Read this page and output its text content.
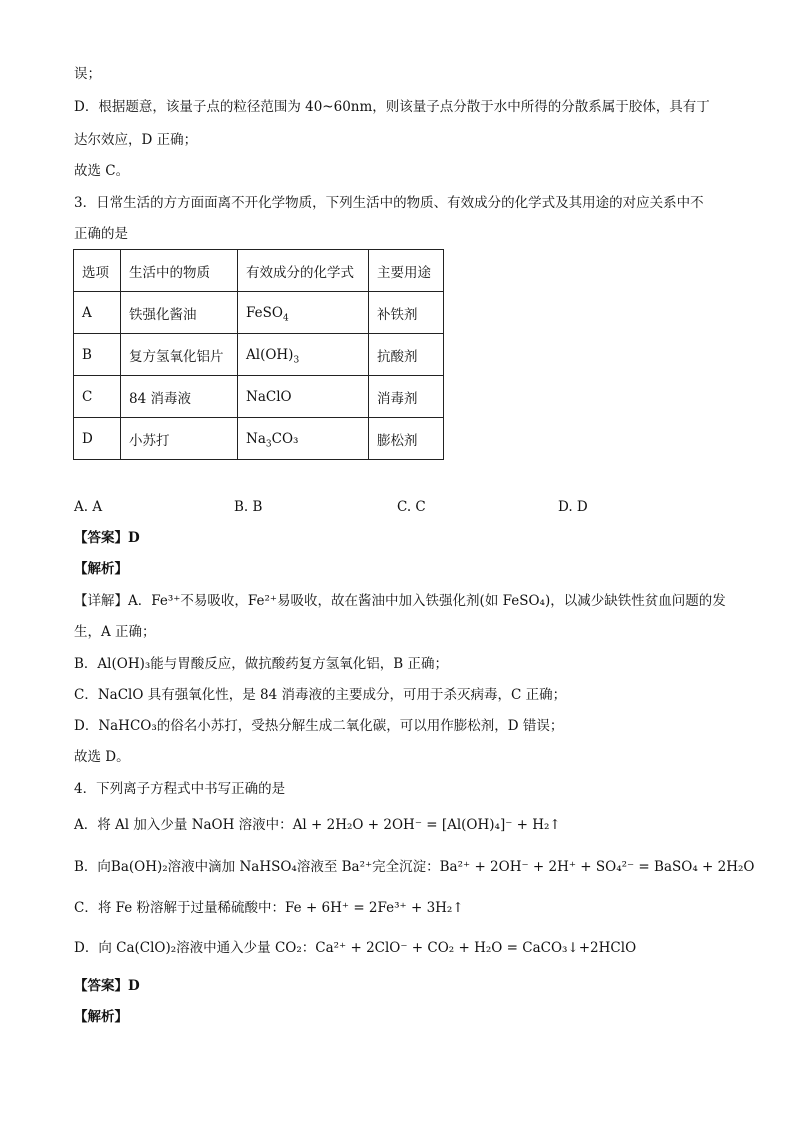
误；
D．根据题意，该量子点的粒径范围为 40~60nm，则该量子点分散于水中所得的分散系属于胶体，具有丁
达尔效应，D 正确；
故选 C。
3．日常生活的方方面面离不开化学物质，下列生活中的物质、有效成分的化学式及其用途的对应关系中不
正确的是
选项	生活中的物质	有效成分的化学式	主要用途
A	铁强化酱油	FeSO$_4$	补铁剂
B	复方氢氧化铝片	$Al(OH)_3$	抗酸剂
C	84 消毒液	NaClO	消毒剂
D	小苏打	$Na_3CO_3$	膨松剂
A. A	B. B	C. C	D. D
【答案】D
【解析】
【详解】A．Fe³⁺不易吸收，Fe²⁺易吸收，故在酱油中加入铁强化剂(如 FeSO₄)，以减少缺铁性贫血问题的发
生，A 正确；
B．Al(OH)₃能与胃酸反应，做抗酸药复方氢氧化铝，B 正确；
C．NaClO 具有强氧化性，是 84 消毒液的主要成分，可用于杀灭病毒，C 正确；
D．NaHCO₃的俗名小苏打，受热分解生成二氧化碳，可以用作膨松剂，D 错误；
故选 D。
4．下列离子方程式中书写正确的是
A．将 Al 加入少量 NaOH 溶液中：Al + 2H₂O + 2OH⁻ = [Al(OH)₄]⁻ + H₂↑
B．向Ba(OH)₂溶液中滴加 NaHSO₄溶液至 Ba²⁺完全沉淀：Ba²⁺ + 2OH⁻ + 2H⁺ + SO₄²⁻ = BaSO₄ + 2H₂O
C．将 Fe 粉溶解于过量稀硫酸中：Fe + 6H⁺ = 2Fe³⁺ + 3H₂↑
D．向 Ca(ClO)₂溶液中通入少量 CO₂：Ca²⁺ + 2ClO⁻ + CO₂ + H₂O = CaCO₃↓+2HClO
【答案】D
【解析】
